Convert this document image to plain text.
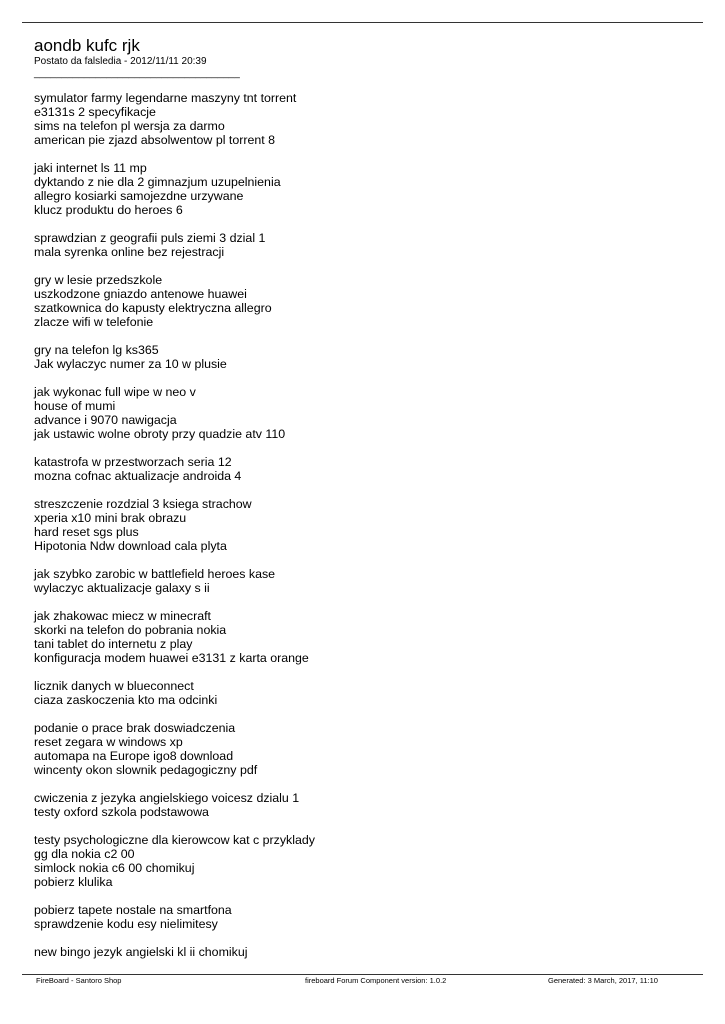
aondb kufc rjk
Postato da falsledia - 2012/11/11 20:39
_____________________________________
symulator farmy legendarne maszyny tnt torrent
e3131s 2 specyfikacje
sims na telefon pl wersja za darmo
american pie zjazd absolwentow pl torrent 8
jaki internet ls 11 mp
dyktando z nie dla 2 gimnazjum uzupelnienia
allegro kosiarki samojezdne urzywane
klucz produktu do heroes 6
sprawdzian z geografii puls ziemi 3 dzial 1
mala syrenka online bez rejestracji
gry w lesie przedszkole
uszkodzone gniazdo antenowe huawei
szatkownica do kapusty elektryczna allegro
zlacze wifi w telefonie
gry na telefon lg ks365
Jak wylaczyc numer za 10 w plusie
jak wykonac full wipe w neo v
house of mumi
advance i 9070 nawigacja
jak ustawic wolne obroty przy quadzie atv 110
katastrofa w przestworzach seria 12
mozna cofnac aktualizacje androida 4
streszczenie rozdzial 3 ksiega strachow
xperia x10 mini brak obrazu
hard reset sgs plus
Hipotonia Ndw download cala plyta
jak szybko zarobic w battlefield heroes kase
wylaczyc aktualizacje galaxy s ii
jak zhakowac miecz w minecraft
skorki na telefon do pobrania nokia
tani tablet do internetu z play
konfiguracja modem huawei e3131 z karta orange
licznik danych w blueconnect
ciaza zaskoczenia kto ma odcinki
podanie o prace brak doswiadczenia
reset zegara w windows xp
automapa na Europe igo8 download
wincenty okon slownik pedagogiczny pdf
cwiczenia z jezyka angielskiego voicesz dzialu 1
testy oxford szkola podstawowa
testy psychologiczne dla kierowcow kat c przyklady
gg dla nokia c2 00
simlock nokia c6 00 chomikuj
pobierz klulika
pobierz tapete nostale na smartfona
sprawdzenie kodu esy nielimitesy
new bingo jezyk angielski kl ii chomikuj
FireBoard - Santoro Shop	fireboard Forum Component version: 1.0.2	Generated: 3 March, 2017, 11:10
